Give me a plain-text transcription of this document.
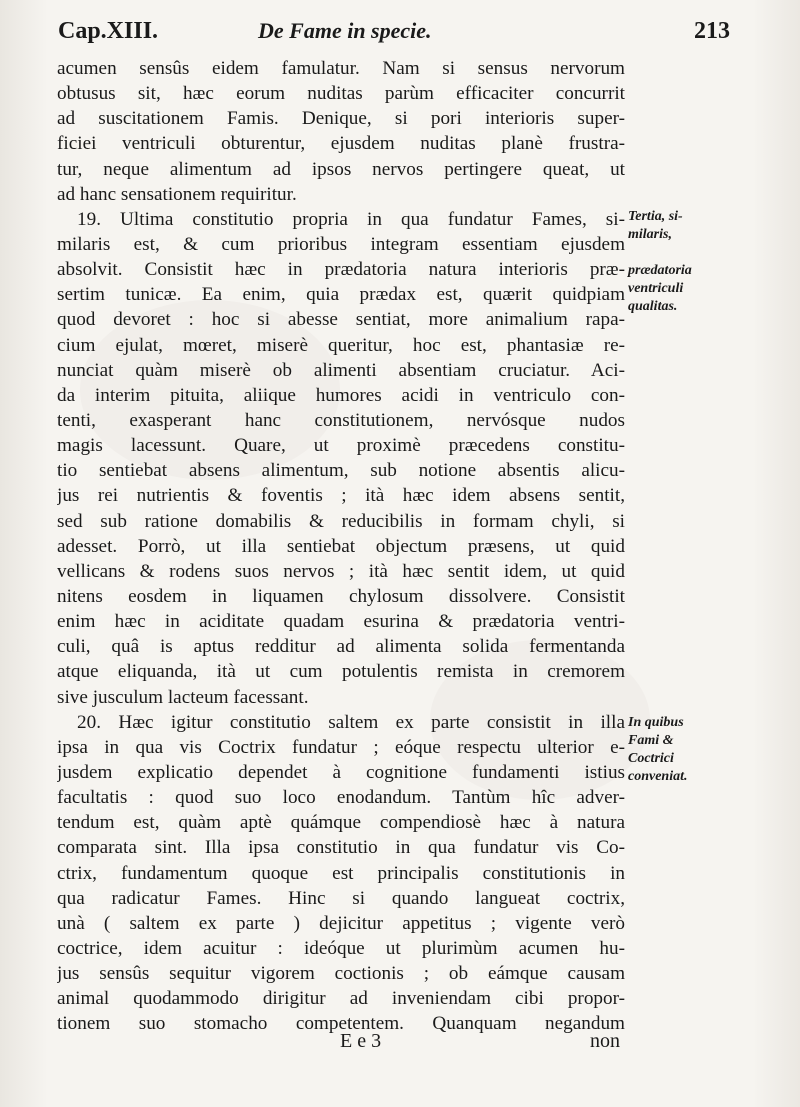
Cap.XIII.	De Fame in specie.	213
acumen sensûs eidem famulatur. Nam si sensus nervorum
obtusus sit, hæc eorum nuditas parùm efficaciter concurrit
ad suscitationem Famis. Denique, si pori interioris super-
ficiei ventriculi obturentur, ejusdem nuditas planè frustra-
tur, neque alimentum ad ipsos nervos pertingere queat, ut
ad hanc sensationem requiritur.
19. Ultima constitutio propria in qua fundatur Fames, si-
milaris est, & cum prioribus integram essentiam ejusdem
absolvit. Consistit hæc in prædatoria natura interioris præ-
sertim tunicæ. Ea enim, quia prædax est, quærit quidpiam
quod devoret : hoc si abesse sentiat, more animalium rapa-
cium ejulat, mœret, miserè queritur, hoc est, phantasiæ re-
nunciat quàm miserè ob alimenti absentiam cruciatur. Aci-
da interim pituita, aliique humores acidi in ventriculo con-
tenti, exasperant hanc constitutionem, nervósque nudos
magis lacessunt. Quare, ut proximè præcedens constitu-
tio sentiebat absens alimentum, sub notione absentis alicu-
jus rei nutrientis & foventis ; ità hæc idem absens sentit,
sed sub ratione domabilis & reducibilis in formam chyli, si
adesset. Porrò, ut illa sentiebat objectum præsens, ut quid
vellicans & rodens suos nervos ; ità hæc sentit idem, ut quid
nitens eosdem in liquamen chylosum dissolvere. Consistit
enim hæc in aciditate quadam esurina & prædatoria ventri-
culi, quâ is aptus redditur ad alimenta solida fermentanda
atque eliquanda, ità ut cum potulentis remista in cremorem
sive jusculum lacteum facessant.
20. Hæc igitur constitutio saltem ex parte consistit in illa
ipsa in qua vis Coctrix fundatur ; eóque respectu ulterior e-
jusdem explicatio dependet à cognitione fundamenti istius
facultatis : quod suo loco enodandum. Tantùm hîc adver-
tendum est, quàm aptè quámque compendiosè hæc à natura
comparata sint. Illa ipsa constitutio in qua fundatur vis Co-
ctrix, fundamentum quoque est principalis constitutionis in
qua radicatur Fames. Hinc si quando langueat coctrix,
unà ( saltem ex parte ) dejicitur appetitus ; vigente verò
coctrice, idem acuitur : ideóque ut plurimùm acumen hu-
jus sensûs sequitur vigorem coctionis ; ob eámque causam
animal quodammodo dirigitur ad inveniendam cibi propor-
tionem suo stomacho competentem. Quanquam negandum
Tertia, si-
milaris,
prædatoria
ventriculi
qualitas.
In quibus
Fami &
Coctrici
conveniat.
E e 3	non
